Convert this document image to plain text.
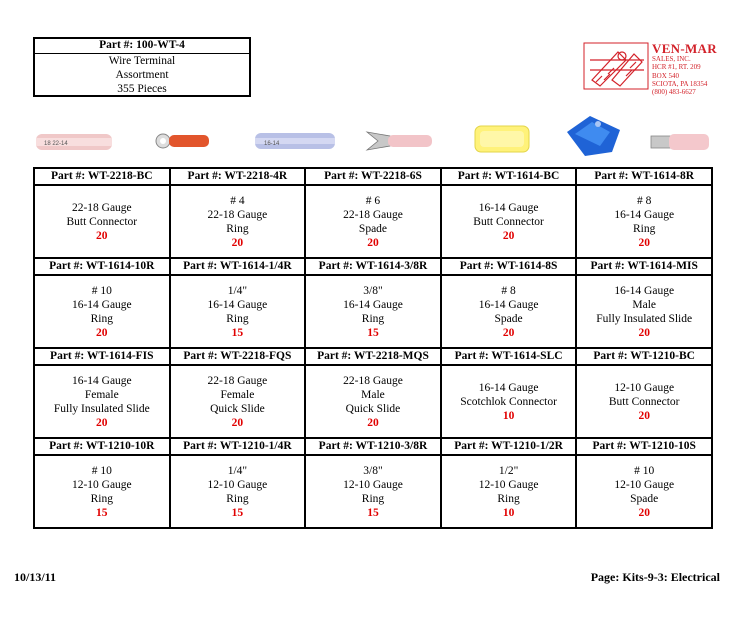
Part #: 100-WT-4
Wire Terminal
Assortment
355 Pieces
VEN-MAR
SALES, INC.
HCR #1, RT. 209
BOX 540
SCIOTA, PA 18354
(800) 483-6627
18 22-14	16-14
Part #: WT-2218-BC	Part #: WT-2218-4R	Part #: WT-2218-6S	Part #: WT-1614-BC	Part #: WT-1614-8R

22-18 Gauge
Butt Connector
20	# 4
22-18 Gauge
Ring
20	# 6
22-18 Gauge
Spade
20	16-14 Gauge
Butt Connector
20	# 8
16-14 Gauge
Ring
20

Part #: WT-1614-10R	Part #: WT-1614-1/4R	Part #: WT-1614-3/8R	Part #: WT-1614-8S	Part #: WT-1614-MIS

# 10
16-14 Gauge
Ring
20	1/4"
16-14 Gauge
Ring
15	3/8"
16-14 Gauge
Ring
15	# 8
16-14 Gauge
Spade
20	16-14 Gauge
Male
Fully Insulated Slide
20

Part #: WT-1614-FIS	Part #: WT-2218-FQS	Part #: WT-2218-MQS	Part #: WT-1614-SLC	Part #: WT-1210-BC

16-14 Gauge
Female
Fully Insulated Slide
20	22-18 Gauge
Female
Quick Slide
20	22-18 Gauge
Male
Quick Slide
20	16-14 Gauge
Scotchlok Connector
10	12-10 Gauge
Butt Connector
20

Part #: WT-1210-10R	Part #: WT-1210-1/4R	Part #: WT-1210-3/8R	Part #: WT-1210-1/2R	Part #: WT-1210-10S

# 10
12-10 Gauge
Ring
15	1/4"
12-10 Gauge
Ring
15	3/8"
12-10 Gauge
Ring
15	1/2"
12-10 Gauge
Ring
10	# 10
12-10 Gauge
Spade
20
10/13/11	Page: Kits-9-3: Electrical
